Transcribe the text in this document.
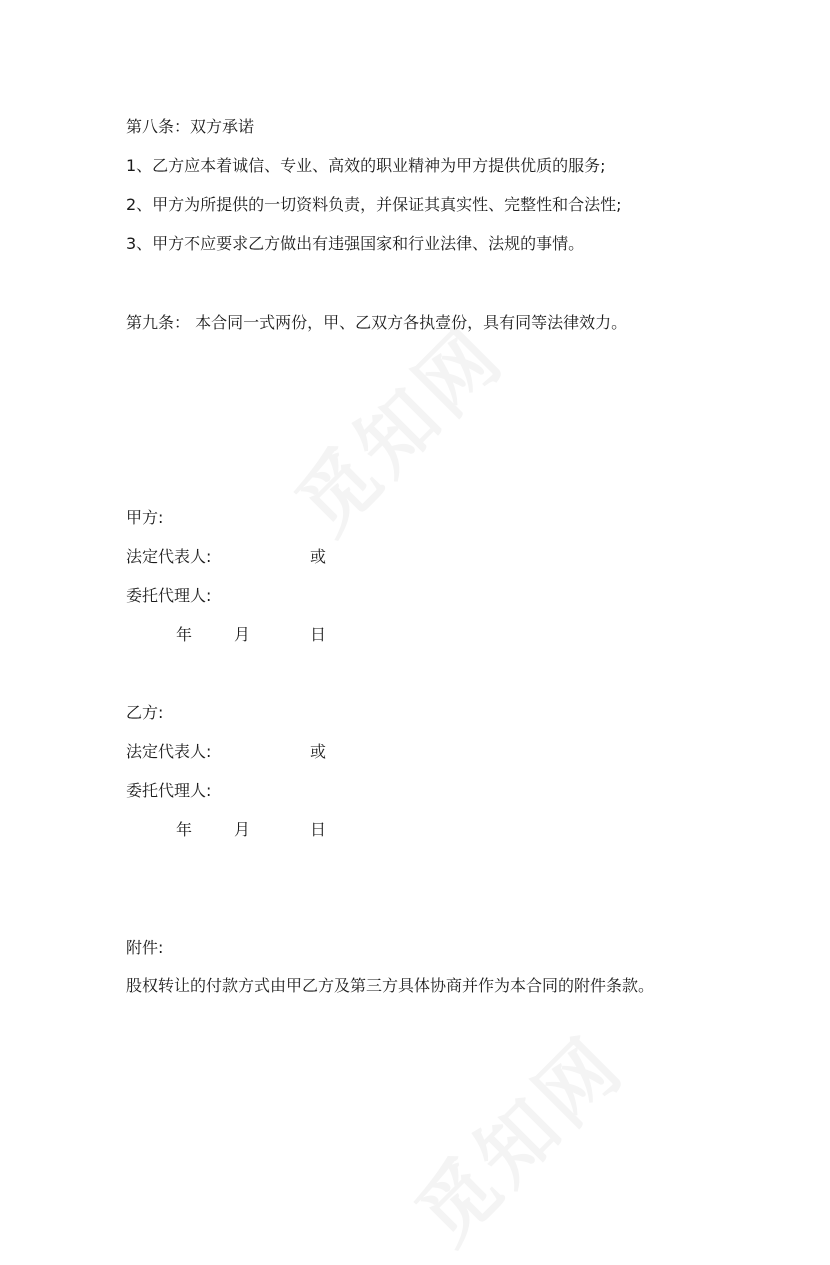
第八条：双方承诺
1、乙方应本着诚信、专业、高效的职业精神为甲方提供优质的服务;
2、甲方为所提供的一切资料负责，并保证其真实性、完整性和合法性;
3、甲方不应要求乙方做出有违强国家和行业法律、法规的事情。
第九条： 本合同一式两份，甲、乙双方各执壹份，具有同等法律效力。
甲方:
法定代表人:	或
委托代理人:
年	月	日
乙方:
法定代表人:	或
委托代理人:
年	月	日
附件:
股权转让的付款方式由甲乙方及第三方具体协商并作为本合同的附件条款。
